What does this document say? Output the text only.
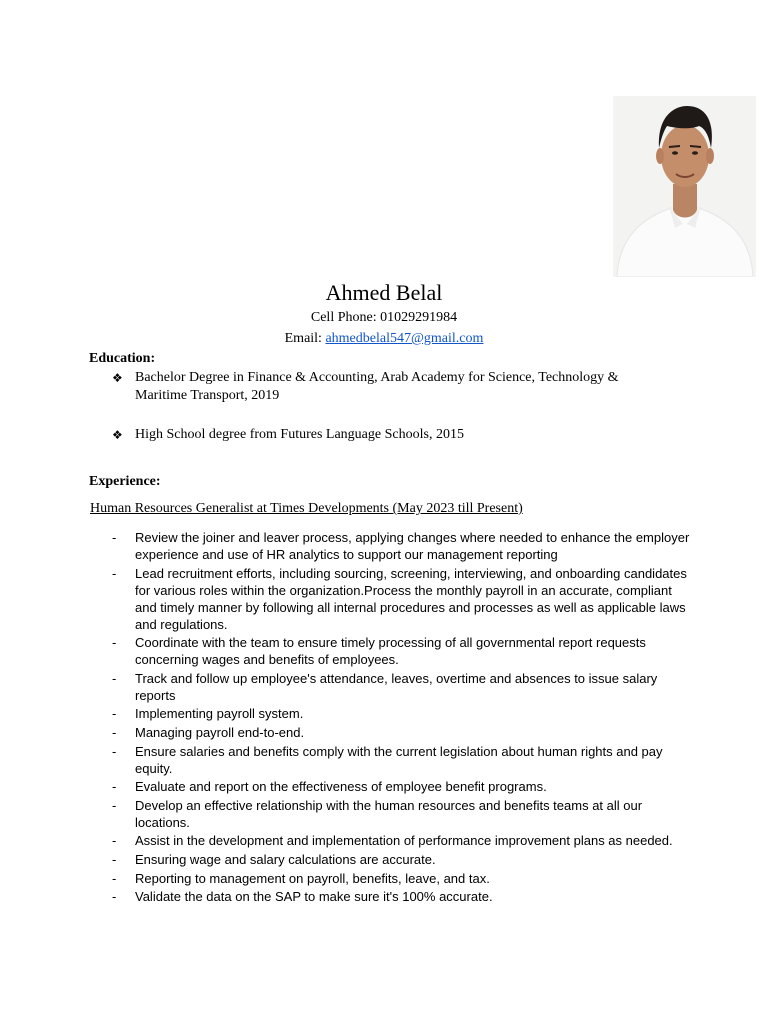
Ahmed Belal
Cell Phone: 01029291984
Email: ahmedbelal547@gmail.com
Education:
❖ Bachelor Degree in Finance & Accounting, Arab Academy for Science, Technology & Maritime Transport, 2019
❖ High School degree from Futures Language Schools, 2015
Experience:
Human Resources Generalist at Times Developments (May 2023 till Present)
- Review the joiner and leaver process, applying changes where needed to enhance the employer experience and use of HR analytics to support our management reporting
- Lead recruitment efforts, including sourcing, screening, interviewing, and onboarding candidates for various roles within the organization.Process the monthly payroll in an accurate, compliant and timely manner by following all internal procedures and processes as well as applicable laws and regulations.
- Coordinate with the team to ensure timely processing of all governmental report requests concerning wages and benefits of employees.
- Track and follow up employee's attendance, leaves, overtime and absences to issue salary reports
- Implementing payroll system.
- Managing payroll end-to-end.
- Ensure salaries and benefits comply with the current legislation about human rights and pay equity.
- Evaluate and report on the effectiveness of employee benefit programs.
- Develop an effective relationship with the human resources and benefits teams at all our locations.
- Assist in the development and implementation of performance improvement plans as needed.
- Ensuring wage and salary calculations are accurate.
- Reporting to management on payroll, benefits, leave, and tax.
- Validate the data on the SAP to make sure it's 100% accurate.
